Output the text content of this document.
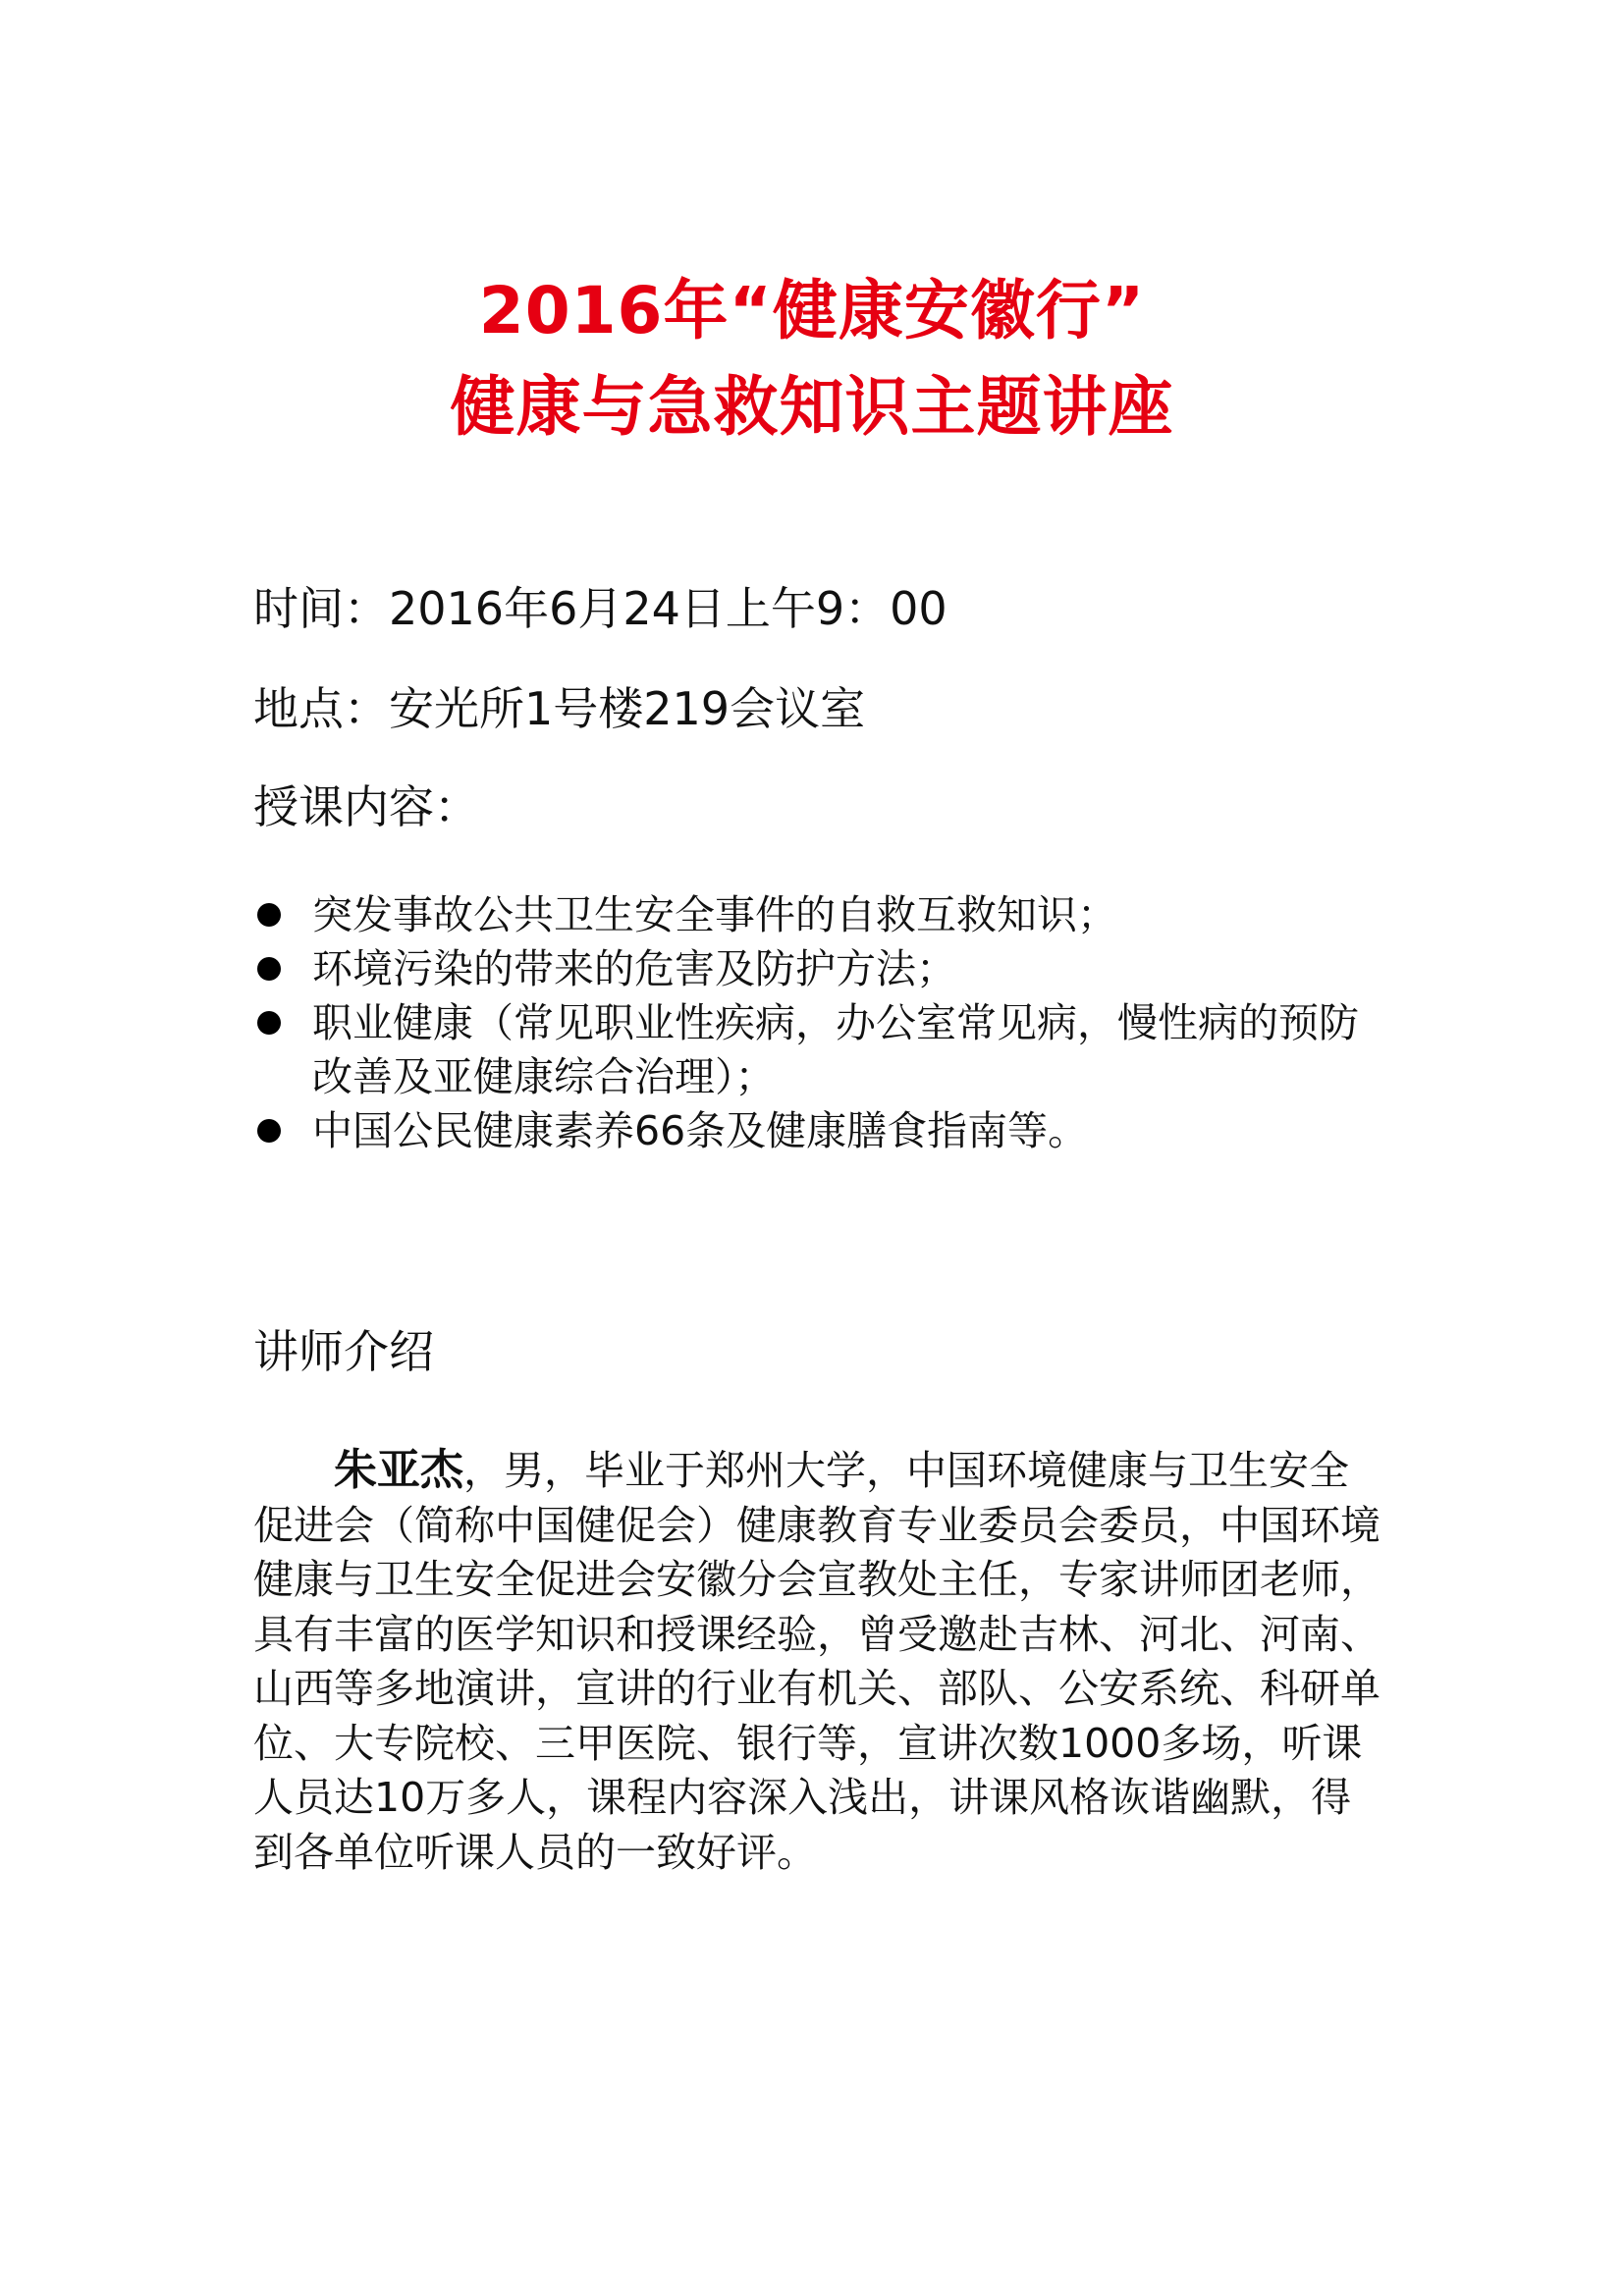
2016年“健康安徽行”
健康与急救知识主题讲座
时间：2016年6月24日上午9：00
地点：安光所1号楼219会议室
授课内容：
突发事故公共卫生安全事件的自救互救知识；
环境污染的带来的危害及防护方法；
职业健康（常见职业性疾病，办公室常见病，慢性病的预防改善及亚健康综合治理）；
中国公民健康素养66条及健康膳食指南等。
讲师介绍

朱亚杰，男，毕业于郑州大学，中国环境健康与卫生安全促进会（简称中国健促会）健康教育专业委员会委员，中国环境健康与卫生安全促进会安徽分会宣教处主任，专家讲师团老师，具有丰富的医学知识和授课经验，曾受邀赴吉林、河北、河南、山西等多地演讲，宣讲的行业有机关、部队、公安系统、科研单位、大专院校、三甲医院、银行等，宣讲次数1000多场，听课人员达10万多人，课程内容深入浅出，讲课风格诙谐幽默，得到各单位听课人员的一致好评。
